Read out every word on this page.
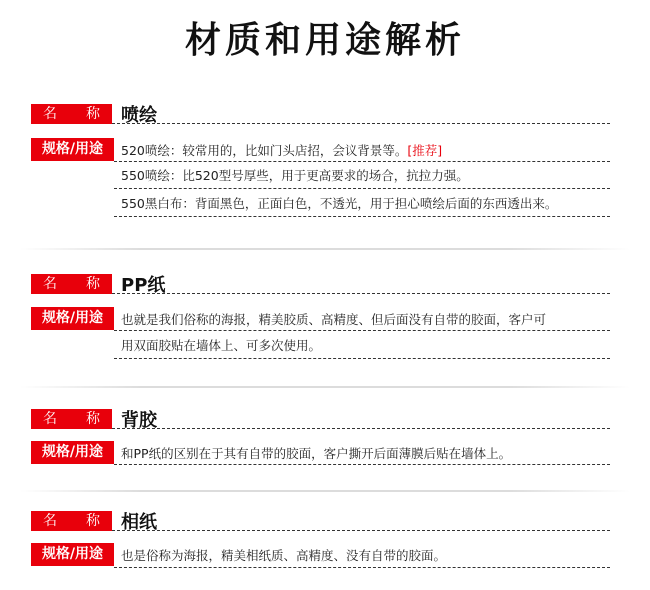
材质和用途解析
名 称 喷绘
规格/用途	520喷绘：较常用的，比如门头店招，会议背景等。[推荐]
550喷绘：比520型号厚些，用于更高要求的场合，抗拉力强。
550黑白布：背面黑色，正面白色，不透光，用于担心喷绘后面的东西透出来。
名 称 PP纸
规格/用途	也就是我们俗称的海报，精美胶质、高精度、但后面没有自带的胶面，客户可
用双面胶贴在墙体上、可多次使用。
名 称 背胶
规格/用途	和PP纸的区别在于其有自带的胶面，客户撕开后面薄膜后贴在墙体上。
名 称 相纸
规格/用途	也是俗称为海报，精美相纸质、高精度、没有自带的胶面。
